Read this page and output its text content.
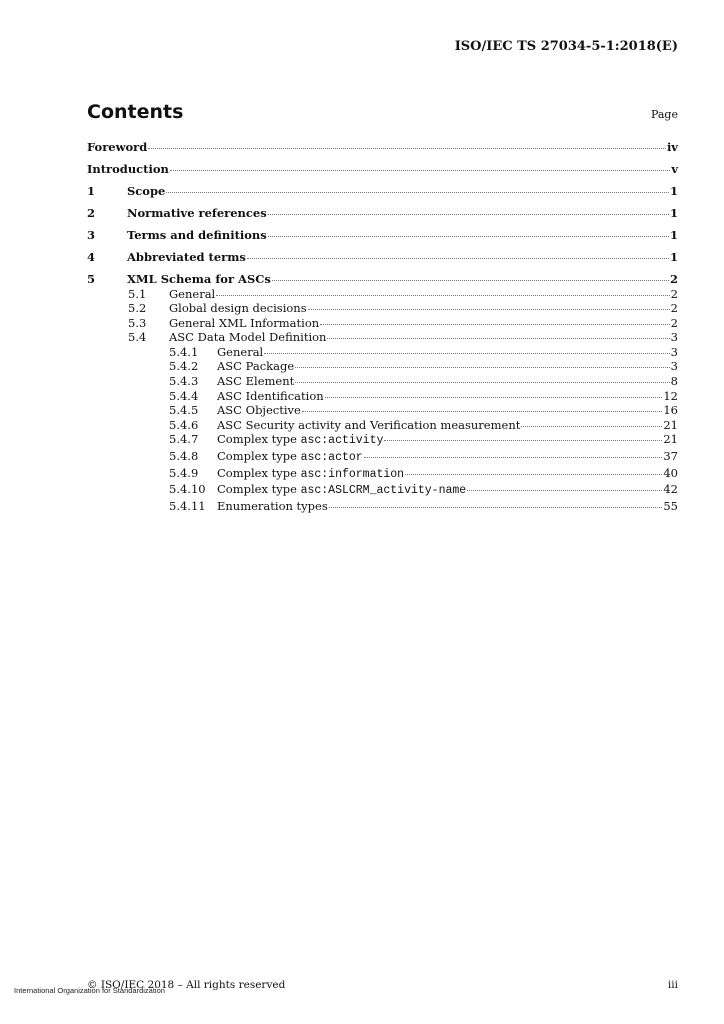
ISO/IEC TS 27034-5-1:2018(E)
Contents	Page
Foreword	iv
Introduction	v
1	Scope	1
2	Normative references	1
3	Terms and definitions	1
4	Abbreviated terms	1
5	XML Schema for ASCs	2
5.1	General	2
5.2	Global design decisions	2
5.3	General XML Information	2
5.4	ASC Data Model Definition	3
5.4.1	General	3
5.4.2	ASC Package	3
5.4.3	ASC Element	8
5.4.4	ASC Identification	12
5.4.5	ASC Objective	16
5.4.6	ASC Security activity and Verification measurement	21
5.4.7	Complex type asc:activity	21
5.4.8	Complex type asc:actor	37
5.4.9	Complex type asc:information	40
5.4.10 Complex type asc:ASLCRM_activity-name	42
5.4.11 Enumeration types	55
© ISO/IEC 2018 – All rights reserved	iii
International Organization for Standardization
